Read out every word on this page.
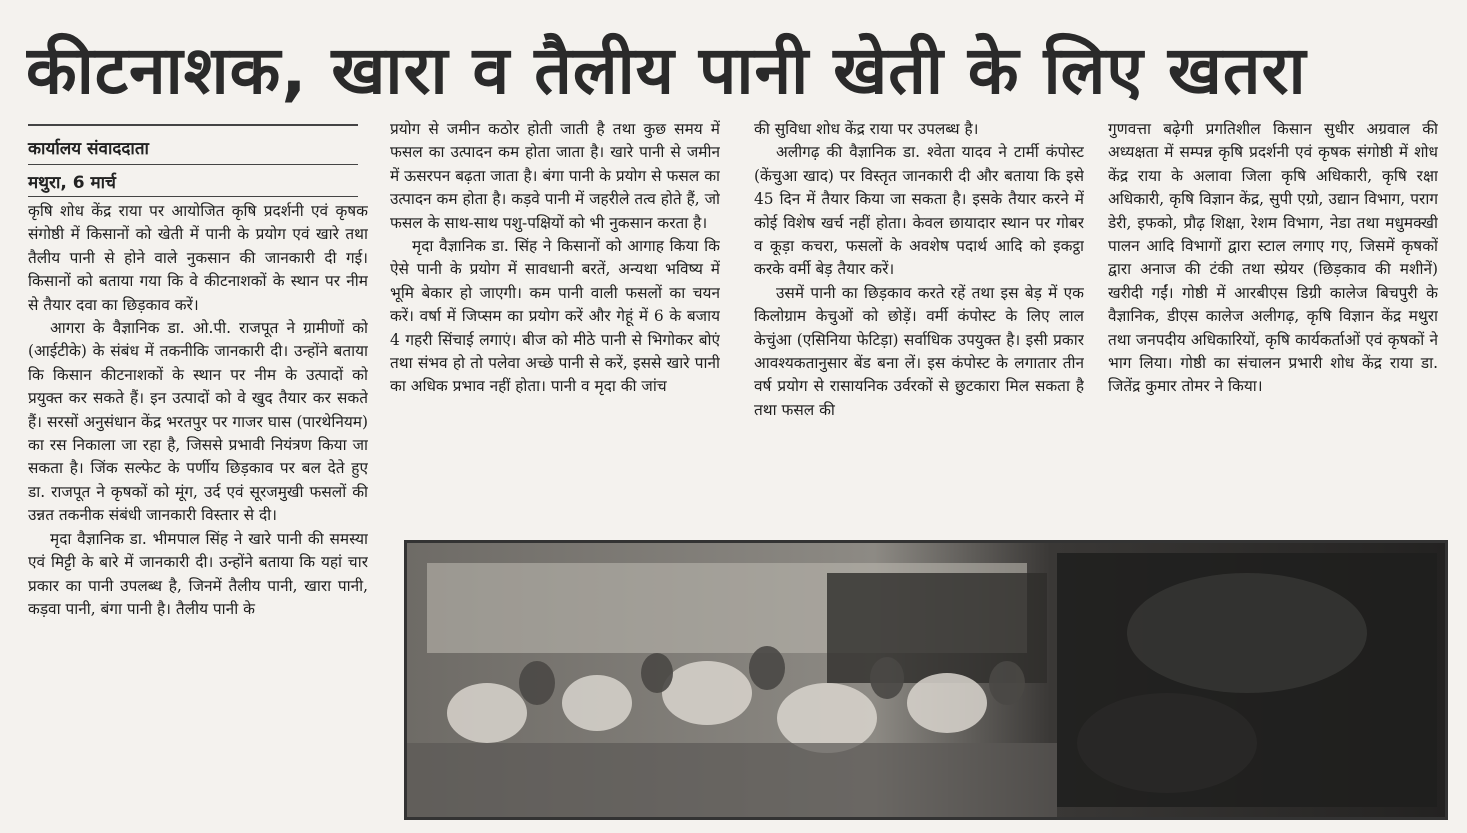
कीटनाशक, खारा व तैलीय पानी खेती के लिए खतरा
कार्यालय संवाददाता
मथुरा, 6 मार्च

कृषि शोध केंद्र राया पर आयोजित कृषि प्रदर्शनी एवं कृषक संगोष्ठी में किसानों को खेती में पानी के प्रयोग एवं खारे तथा तैलीय पानी से होने वाले नुकसान की जानकारी दी गई। किसानों को बताया गया कि वे कीटनाशकों के स्थान पर नीम से तैयार दवा का छिड़काव करें।

आगरा के वैज्ञानिक डा. ओ.पी. राजपूत ने ग्रामीणों को (आईटीके) के संबंध में तकनीकि जानकारी दी। उन्होंने बताया कि किसान कीटनाशकों के स्थान पर नीम के उत्पादों को प्रयुक्त कर सकते हैं। इन उत्पादों को वे खुद तैयार कर सकते हैं। सरसों अनुसंधान केंद्र भरतपुर पर गाजर घास (पारथेनियम) का रस निकाला जा रहा है, जिससे प्रभावी नियंत्रण किया जा सकता है। जिंक सल्फेट के पर्णीय छिड़काव पर बल देते हुए डा. राजपूत ने कृषकों को मूंग, उर्द एवं सूरजमुखी फसलों की उन्नत तकनीक संबंधी जानकारी विस्तार से दी।

मृदा वैज्ञानिक डा. भीमपाल सिंह ने खारे पानी की समस्या एवं मिट्टी के बारे में जानकारी दी। उन्होंने बताया कि यहां चार प्रकार का पानी उपलब्ध है, जिनमें तैलीय पानी, खारा पानी, कड़वा पानी, बंगा पानी है। तैलीय पानी के

प्रयोग से जमीन कठोर होती जाती है तथा कुछ समय में फसल का उत्पादन कम होता जाता है। खारे पानी से जमीन में ऊसरपन बढ़ता जाता है। बंगा पानी के प्रयोग से फसल का उत्पादन कम होता है। कड़वे पानी में जहरीले तत्व होते हैं, जो फसल के साथ-साथ पशु-पक्षियों को भी नुकसान करता है।

मृदा वैज्ञानिक डा. सिंह ने किसानों को आगाह किया कि ऐसे पानी के प्रयोग में सावधानी बरतें, अन्यथा भविष्य में भूमि बेकार हो जाएगी। कम पानी वाली फसलों का चयन करें। वर्षा में जिप्सम का प्रयोग करें और गेहूं में 6 के बजाय 4 गहरी सिंचाई लगाएं। बीज को मीठे पानी से भिगोकर बोएं तथा संभव हो तो पलेवा अच्छे पानी से करें, इससे खारे पानी का अधिक प्रभाव नहीं होता। पानी व मृदा की जांच

की सुविधा शोध केंद्र राया पर उपलब्ध है।

अलीगढ़ की वैज्ञानिक डा. श्वेता यादव ने टार्मी कंपोस्ट (केंचुआ खाद) पर विस्तृत जानकारी दी और बताया कि इसे 45 दिन में तैयार किया जा सकता है। इसके तैयार करने में कोई विशेष खर्च नहीं होता। केवल छायादार स्थान पर गोबर व कूड़ा कचरा, फसलों के अवशेष पदार्थ आदि को इकट्ठा करके वर्मी बेड़ तैयार करें।

उसमें पानी का छिड़काव करते रहें तथा इस बेड़ में एक किलोग्राम केचुओं को छोड़ें। वर्मी कंपोस्ट के लिए लाल केचुंआ (एसिनिया फेटिड़ा) सर्वाधिक उपयुक्त है। इसी प्रकार आवश्यकतानुसार बेंड बना लें। इस कंपोस्ट के लगातार तीन वर्ष प्रयोग से रासायनिक उर्वरकों से छुटकारा मिल सकता है तथा फसल की

गुणवत्ता बढ़ेगी प्रगतिशील किसान सुधीर अग्रवाल की अध्यक्षता में सम्पन्न कृषि प्रदर्शनी एवं कृषक संगोष्ठी में शोध केंद्र राया के अलावा जिला कृषि अधिकारी, कृषि रक्षा अधिकारी, कृषि विज्ञान केंद्र, सुपी एग्रो, उद्यान विभाग, पराग डेरी, इफको, प्रौढ़ शिक्षा, रेशम विभाग, नेडा तथा मधुमक्खी पालन आदि विभागों द्वारा स्टाल लगाए गए, जिसमें कृषकों द्वारा अनाज की टंकी तथा स्प्रेयर (छिड़काव की मशीनें) खरीदी गईं। गोष्ठी में आरबीएस डिग्री कालेज बिचपुरी के वैज्ञानिक, डीएस कालेज अलीगढ़, कृषि विज्ञान केंद्र मथुरा तथा जनपदीय अधिकारियों, कृषि कार्यकर्ताओं एवं कृषकों ने भाग लिया। गोष्ठी का संचालन प्रभारी शोध केंद्र राया डा. जितेंद्र कुमार तोमर ने किया।
